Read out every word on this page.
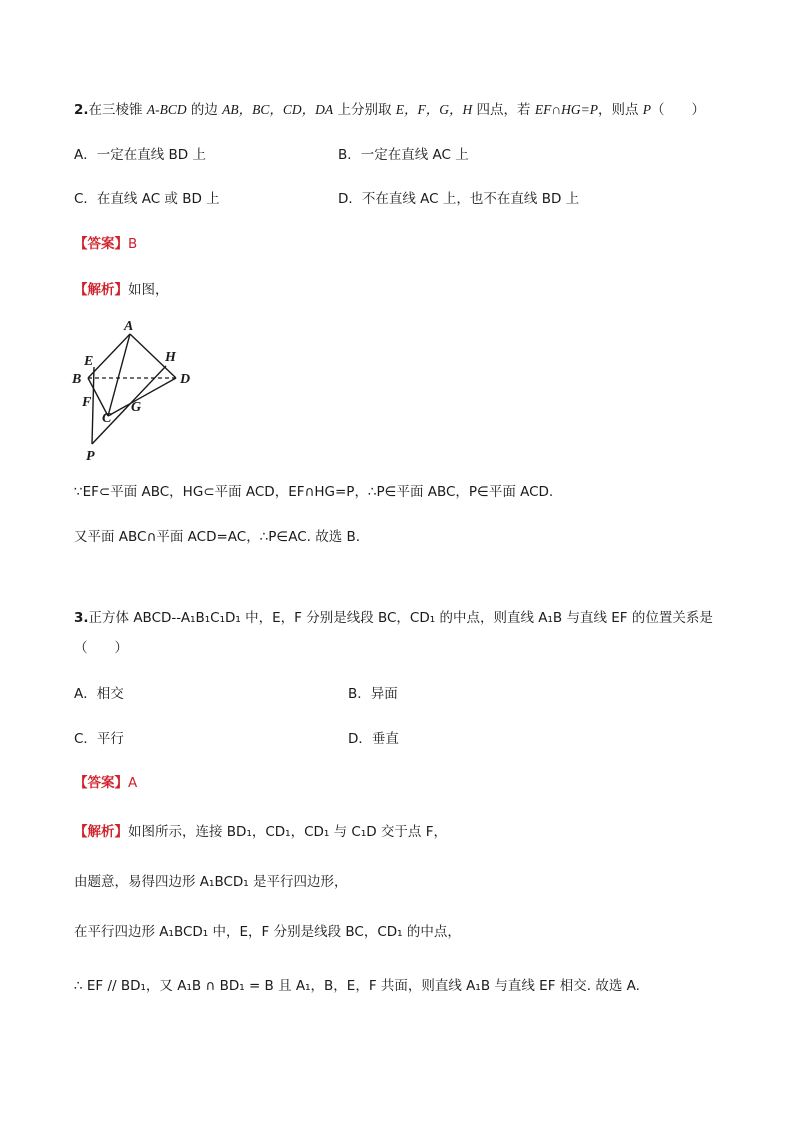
2.在三棱锥 A-BCD 的边 AB，BC，CD，DA 上分别取 E，F，G，H 四点，若 EF∩HG=P，则点 P（　　）
A．一定在直线 BD 上	B．一定在直线 AC 上
C．在直线 AC 或 BD 上	D．不在直线 AC 上，也不在直线 BD 上
【答案】B
【解析】如图，
A
E	H
B	D
F	G
C
P
∵EF⊂平面 ABC，HG⊂平面 ACD，EF∩HG=P，∴P∈平面 ABC，P∈平面 ACD.
又平面 ABC∩平面 ACD=AC，∴P∈AC. 故选 B.
3.正方体 ABCD--A₁B₁C₁D₁ 中，E，F 分别是线段 BC，CD₁ 的中点，则直线 A₁B 与直线 EF 的位置关系是
（　　）
A．相交	B．异面
C．平行	D．垂直
【答案】A
【解析】如图所示，连接 BD₁，CD₁，CD₁ 与 C₁D 交于点 F，
由题意，易得四边形 A₁BCD₁ 是平行四边形，
在平行四边形 A₁BCD₁ 中，E，F 分别是线段 BC，CD₁ 的中点，
∴ EF // BD₁，又 A₁B ∩ BD₁ = B 且 A₁，B，E，F 共面，则直线 A₁B 与直线 EF 相交. 故选 A.
